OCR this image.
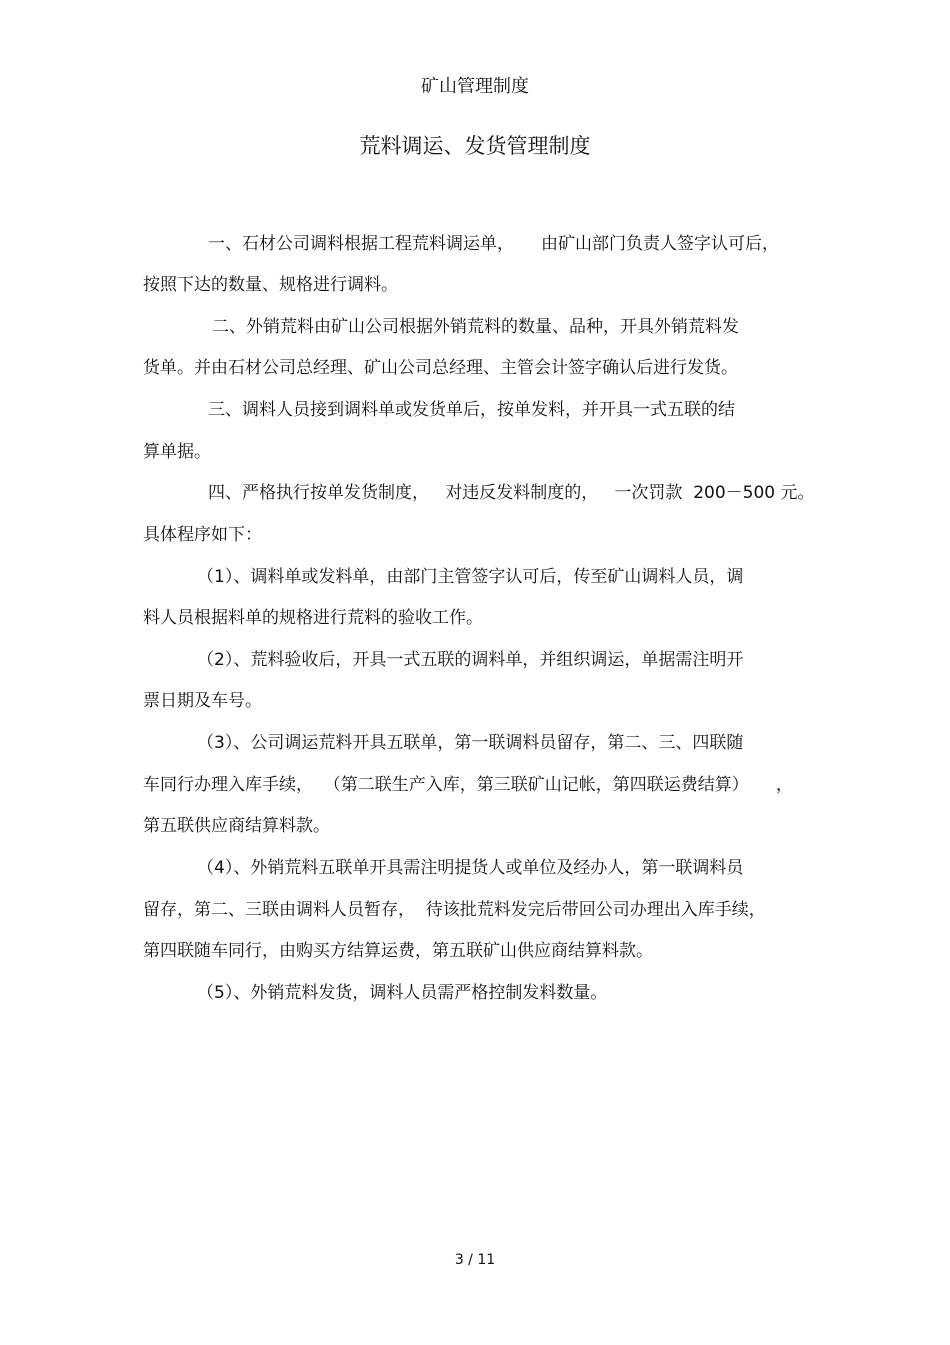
矿山管理制度
荒料调运、发货管理制度
一、石材公司调料根据工程荒料调运单，     由矿山部门负责人签字认可后，
按照下达的数量、规格进行调料。
二、外销荒料由矿山公司根据外销荒料的数量、品种，开具外销荒料发
货单。并由石材公司总经理、矿山公司总经理、主管会计签字确认后进行发货。
三、调料人员接到调料单或发货单后，按单发料，并开具一式五联的结
算单据。
四、严格执行按单发货制度，   对违反发料制度的，   一次罚款  200－500 元。
具体程序如下：
（1）、调料单或发料单，由部门主管签字认可后，传至矿山调料人员，调
料人员根据料单的规格进行荒料的验收工作。
（2）、荒料验收后，开具一式五联的调料单，并组织调运，单据需注明开
票日期及车号。
（3）、公司调运荒料开具五联单，第一联调料员留存，第二、三、四联随
车同行办理入库手续，  （第二联生产入库，第三联矿山记帐，第四联运费结算）     ，
第五联供应商结算料款。
（4）、外销荒料五联单开具需注明提货人或单位及经办人，第一联调料员
留存，第二、三联由调料人员暂存，  待该批荒料发完后带回公司办理出入库手续，
第四联随车同行，由购买方结算运费，第五联矿山供应商结算料款。
（5）、外销荒料发货，调料人员需严格控制发料数量。
3 / 11
